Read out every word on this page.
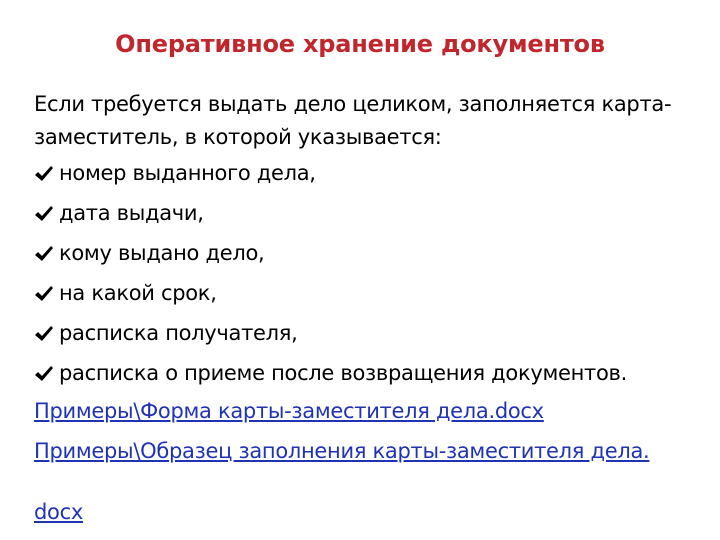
Оперативное хранение документов
Если требуется выдать дело целиком, заполняется карта-заместитель, в которой указывается:
номер выданного дела,
дата выдачи,
кому выдано дело,
на какой срок,
расписка получателя,
расписка о приеме после возвращения документов.
Примеры\Форма карты-заместителя дела.docx
Примеры\Образец заполнения карты-заместителя дела.
docx
